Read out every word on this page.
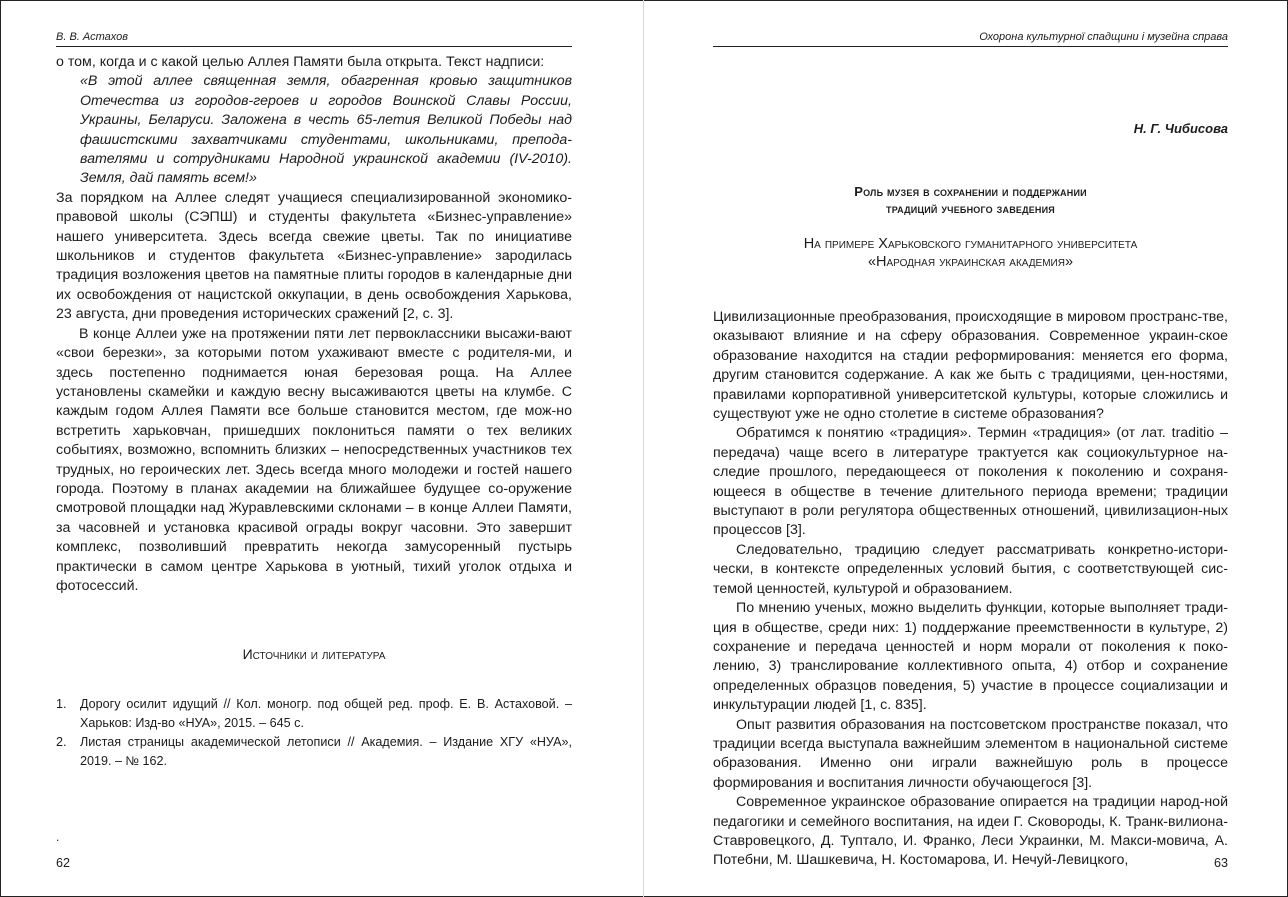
В. В. Астахов

о том, когда и с какой целью Аллея Памяти была открыта. Текст надписи:

«В этой аллее священная земля, обагренная кровью защитников Отечества из городов-героев и городов Воинской Славы России, Украины, Беларуси. Заложена в честь 65-летия Великой Победы над фашистскими захватчиками студентами, школьниками, препода-вателями и сотрудниками Народной украинской академии (IV-2010). Земля, дай память всем!»

За порядком на Аллее следят учащиеся специализированной экономико-правовой школы (СЭПШ) и студенты факультета «Бизнес-управление» нашего университета. Здесь всегда свежие цветы. Так по инициативе школьников и студентов факультета «Бизнес-управление» зародилась традиция возложения цветов на памятные плиты городов в календарные дни их освобождения от нацистской оккупации, в день освобождения Харькова, 23 августа, дни проведения исторических сражений [2, с. 3].

В конце Аллеи уже на протяжении пяти лет первоклассники высажи-вают «свои березки», за которыми потом ухаживают вместе с родителя-ми, и здесь постепенно поднимается юная березовая роща. На Аллее установлены скамейки и каждую весну высаживаются цветы на клумбе. С каждым годом Аллея Памяти все больше становится местом, где мож-но встретить харьковчан, пришедших поклониться памяти о тех великих событиях, возможно, вспомнить близких – непосредственных участников тех трудных, но героических лет. Здесь всегда много молодежи и гостей нашего города. Поэтому в планах академии на ближайшее будущее со-оружение смотровой площадки над Журавлевскими склонами – в конце Аллеи Памяти, за часовней и установка красивой ограды вокруг часовни. Это завершит комплекс, позволивший превратить некогда замусоренный пустырь практически в самом центре Харькова в уютный, тихий уголок отдыха и фотосессий.

Источники и литература
1. Дорогу осилит идущий // Кол. моногр. под общей ред. проф. Е. В. Астаховой. – Харьков: Изд-во «НУА», 2015. – 645 с.
2. Листая страницы академической летописи // Академия. – Издание ХГУ «НУА», 2019. – № 162.
.
62
Охорона культурної спадщини і музейна справа
Н. Г. Чибисова
Роль музея в сохранении и поддержании
традиций учебного заведения
На примере Харьковского гуманитарного университета
«Народная украинская академия»

Цивилизационные преобразования, происходящие в мировом пространс-тве, оказывают влияние и на сферу образования. Современное украин-ское образование находится на стадии реформирования: меняется его форма, другим становится содержание. А как же быть с традициями, цен-ностями, правилами корпоративной университетской культуры, которые сложились и существуют уже не одно столетие в системе образования?

Обратимся к понятию «традиция». Термин «традиция» (от лат. traditio – передача) чаще всего в литературе трактуется как социокультурное на-следие прошлого, передающееся от поколения к поколению и сохраня-ющееся в обществе в течение длительного периода времени; традиции выступают в роли регулятора общественных отношений, цивилизацион-ных процессов [3].

Следовательно, традицию следует рассматривать конкретно-истори-чески, в контексте определенных условий бытия, с соответствующей сис-темой ценностей, культурой и образованием.

По мнению ученых, можно выделить функции, которые выполняет тради-ция в обществе, среди них: 1) поддержание преемственности в культуре, 2) сохранение и передача ценностей и норм морали от поколения к поко-лению, 3) транслирование коллективного опыта, 4) отбор и сохранение определенных образцов поведения, 5) участие в процессе социализации и инкультурации людей [1, с. 835].

Опыт развития образования на постсоветском пространстве показал, что традиции всегда выступала важнейшим элементом в национальной системе образования. Именно они играли важнейшую роль в процессе формирования и воспитания личности обучающегося [3].

Современное украинское образование опирается на традиции народ-ной педагогики и семейного воспитания, на идеи Г. Сковороды, К. Транк-вилиона-Ставровецкого, Д. Туптало, И. Франко, Леси Украинки, М. Макси-мовича, А. Потебни, М. Шашкевича, Н. Костомарова, И. Нечуй-Левицкого,	63
